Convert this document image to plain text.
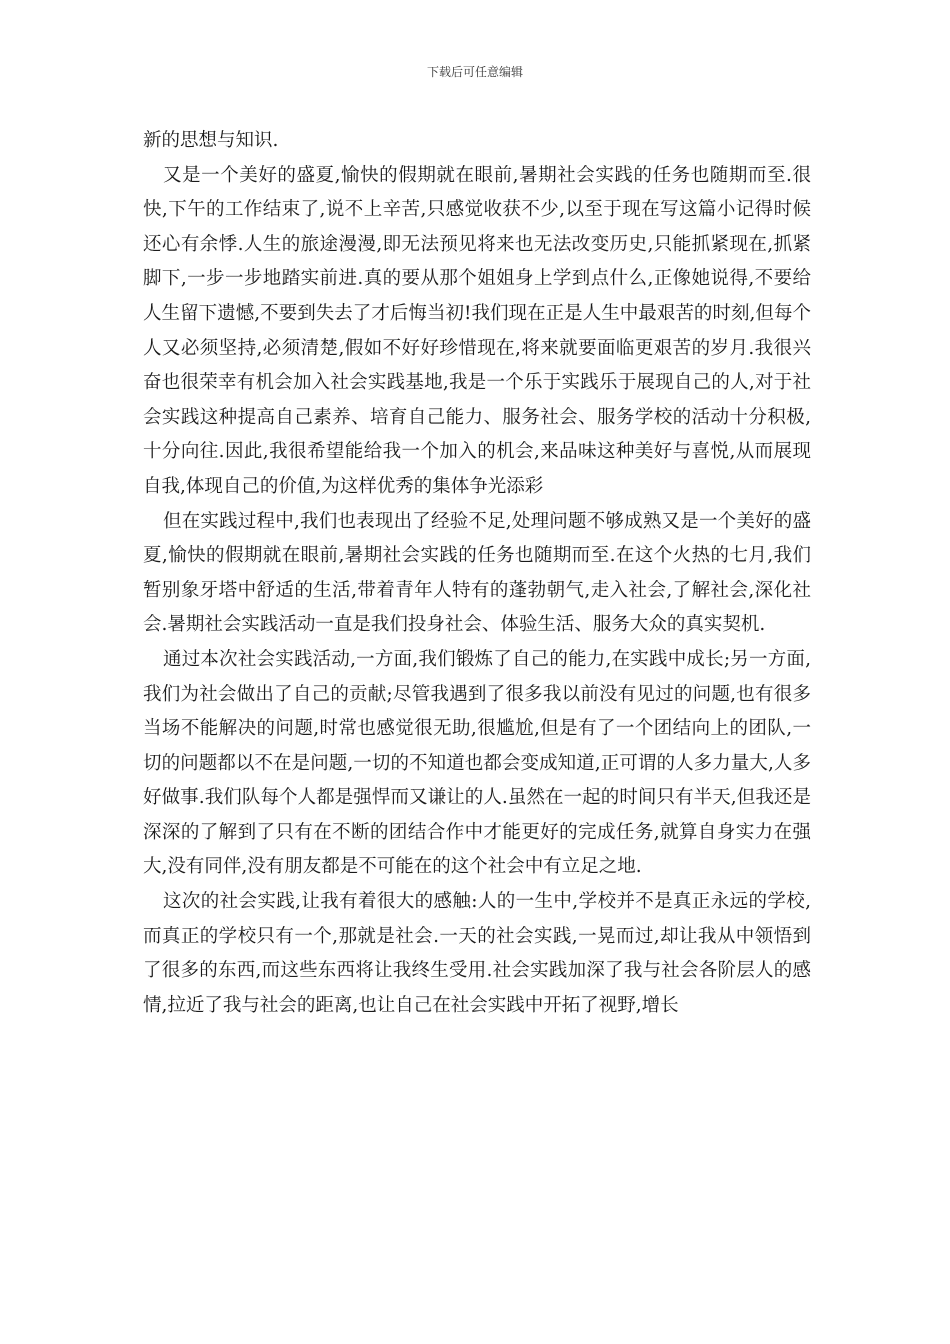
下载后可任意编辑

新的思想与知识.

又是一个美好的盛夏,愉快的假期就在眼前,暑期社会实践的任务也随期而至.很快,下午的工作结束了,说不上辛苦,只感觉收获不少,以至于现在写这篇小记得时候还心有余悸.人生的旅途漫漫,即无法预见将来也无法改变历史,只能抓紧现在,抓紧脚下,一步一步地踏实前进.真的要从那个姐姐身上学到点什么,正像她说得,不要给人生留下遗憾,不要到失去了才后悔当初!我们现在正是人生中最艰苦的时刻,但每个人又必须坚持,必须清楚,假如不好好珍惜现在,将来就要面临更艰苦的岁月.我很兴奋也很荣幸有机会加入社会实践基地,我是一个乐于实践乐于展现自己的人,对于社会实践这种提高自己素养、培育自己能力、服务社会、服务学校的活动十分积极,十分向往.因此,我很希望能给我一个加入的机会,来品味这种美好与喜悦,从而展现自我,体现自己的价值,为这样优秀的集体争光添彩

但在实践过程中,我们也表现出了经验不足,处理问题不够成熟又是一个美好的盛夏,愉快的假期就在眼前,暑期社会实践的任务也随期而至.在这个火热的七月,我们暂别象牙塔中舒适的生活,带着青年人特有的蓬勃朝气,走入社会,了解社会,深化社会.暑期社会实践活动一直是我们投身社会、体验生活、服务大众的真实契机.

通过本次社会实践活动,一方面,我们锻炼了自己的能力,在实践中成长;另一方面,我们为社会做出了自己的贡献;尽管我遇到了很多我以前没有见过的问题,也有很多当场不能解决的问题,时常也感觉很无助,很尴尬,但是有了一个团结向上的团队,一切的问题都以不在是问题,一切的不知道也都会变成知道,正可谓的人多力量大,人多好做事.我们队每个人都是强悍而又谦让的人.虽然在一起的时间只有半天,但我还是深深的了解到了只有在不断的团结合作中才能更好的完成任务,就算自身实力在强大,没有同伴,没有朋友都是不可能在的这个社会中有立足之地.

这次的社会实践,让我有着很大的感触:人的一生中,学校并不是真正永远的学校,而真正的学校只有一个,那就是社会.一天的社会实践,一晃而过,却让我从中领悟到了很多的东西,而这些东西将让我终生受用.社会实践加深了我与社会各阶层人的感情,拉近了我与社会的距离,也让自己在社会实践中开拓了视野,增长
